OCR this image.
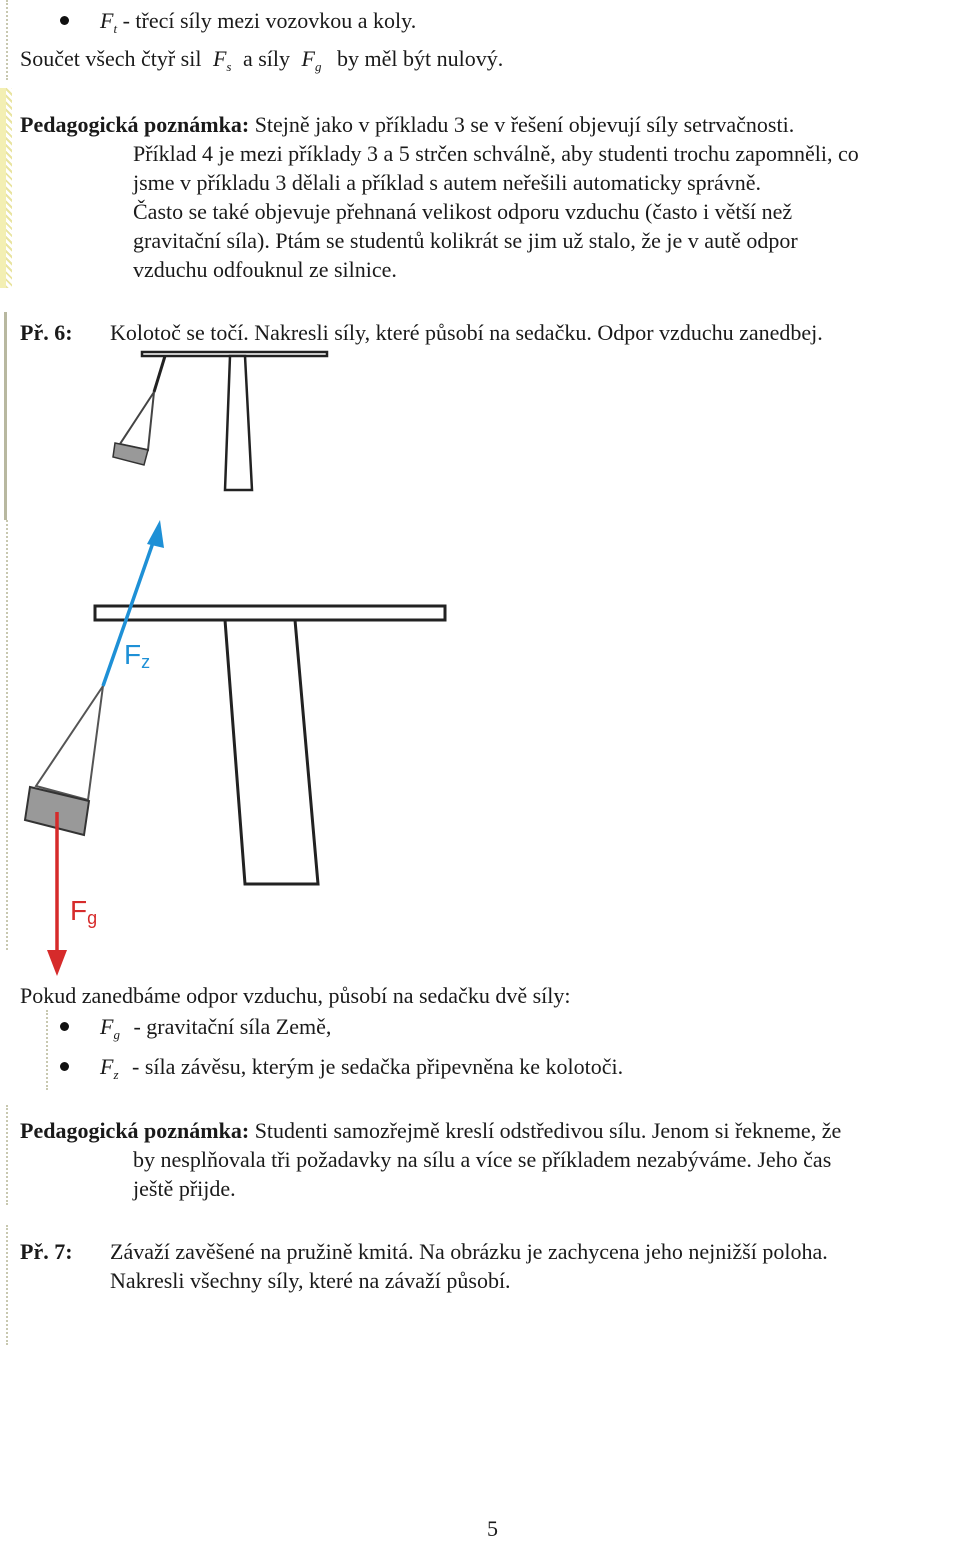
$F_t$ - třecí síly mezi vozovkou a koly.
Součet všech čtyř sil $F_s$ a síly $F_g$ by měl být nulový.
Pedagogická poznámka: Stejně jako v příkladu 3 se v řešení objevují síly setrvačnosti.
Příklad 4 je mezi příklady 3 a 5 strčen schválně, aby studenti trochu zapomněli, co
jsme v příkladu 3 dělali a příklad s autem neřešili automaticky správně.
Často se také objevuje přehnaná velikost odporu vzduchu (často i větší než
gravitační síla). Ptám se studentů kolikrát se jim už stalo, že je v autě odpor
vzduchu odfouknul ze silnice.
Př. 6: Kolotoč se točí. Nakresli síly, které působí na sedačku. Odpor vzduchu zanedbej.
Fz
Fg
Pokud zanedbáme odpor vzduchu, působí na sedačku dvě síly:
$F_g$ - gravitační síla Země,
$F_z$ - síla závěsu, kterým je sedačka připevněna ke kolotoči.
Pedagogická poznámka: Studenti samozřejmě kreslí odstředivou sílu. Jenom si řekneme, že
by nesplňovala tři požadavky na sílu a více se příkladem nezabýváme. Jeho čas
ještě přijde.
Př. 7: Závaží zavěšené na pružině kmitá. Na obrázku je zachycena jeho nejnižší poloha.
Nakresli všechny síly, které na závaží působí.
5
